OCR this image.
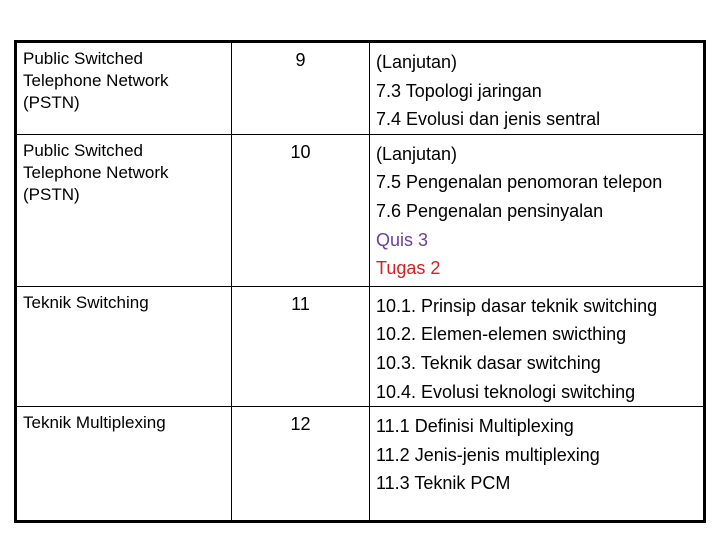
Public Switched
Telephone Network
(PSTN)	9	(Lanjutan)
7.3 Topologi jaringan
7.4 Evolusi dan jenis sentral

Public Switched
Telephone Network
(PSTN)	10	(Lanjutan)
7.5 Pengenalan penomoran telepon
7.6 Pengenalan pensinyalan
Quis 3
Tugas 2

Teknik Switching	11	10.1. Prinsip dasar teknik switching
10.2. Elemen-elemen swicthing
10.3. Teknik dasar switching
10.4. Evolusi teknologi switching

Teknik Multiplexing	12	11.1 Definisi Multiplexing
11.2 Jenis-jenis multiplexing
11.3 Teknik PCM
